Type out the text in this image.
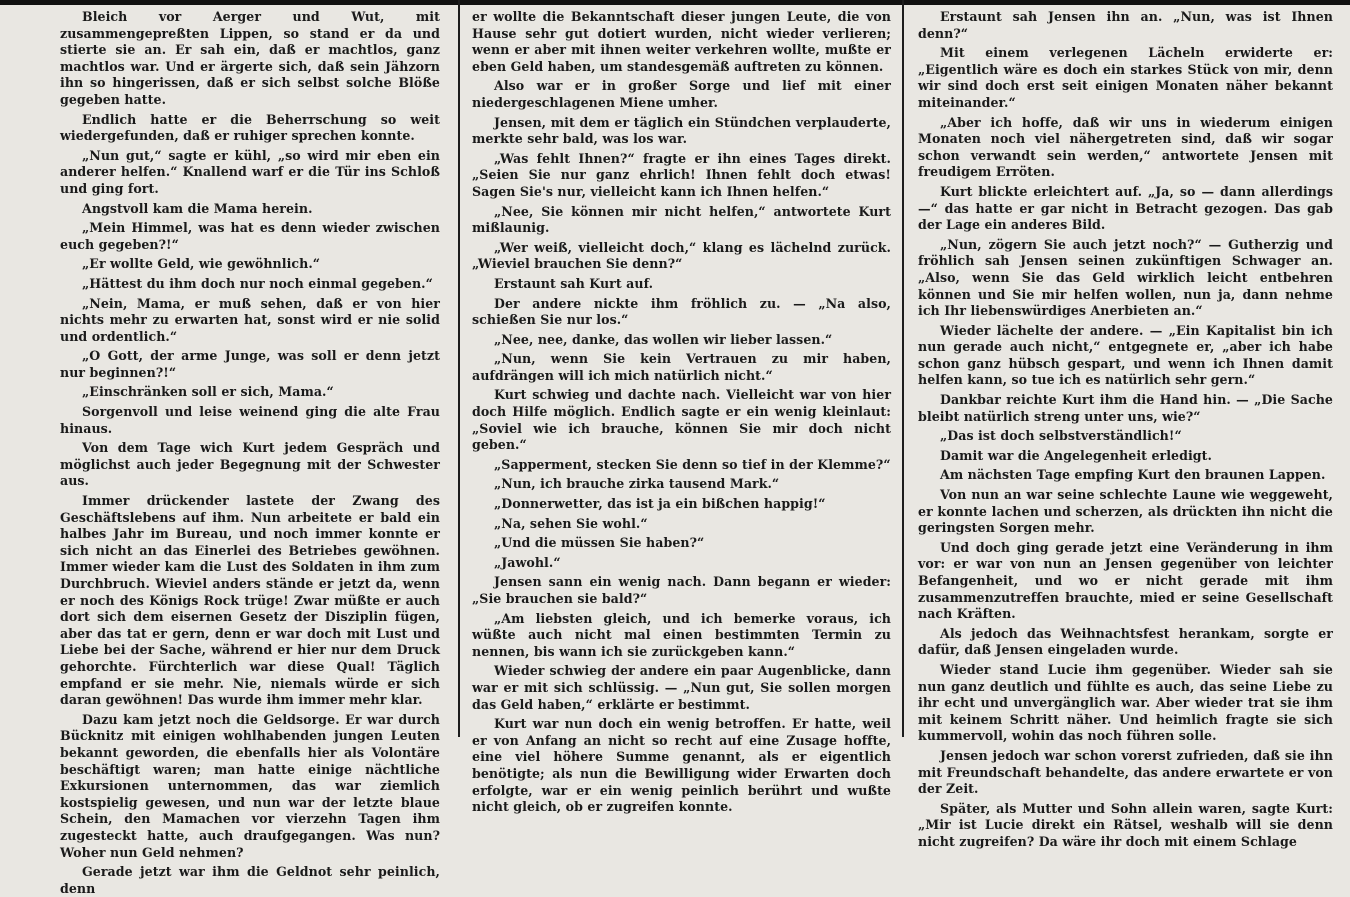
Bleich vor Aerger und Wut, mit zusammengepreßten Lippen, so stand er da und stierte sie an. Er sah ein, daß er machtlos, ganz machtlos war. Und er ärgerte sich, daß sein Jähzorn ihn so hingerissen, daß er sich selbst solche Blöße gegeben hatte.

Endlich hatte er die Beherrschung so weit wiedergefunden, daß er ruhiger sprechen konnte.

„Nun gut,“ sagte er kühl, „so wird mir eben ein anderer helfen.“ Knallend warf er die Tür ins Schloß und ging fort.

Angstvoll kam die Mama herein.

„Mein Himmel, was hat es denn wieder zwischen euch gegeben?!“

„Er wollte Geld, wie gewöhnlich.“

„Hättest du ihm doch nur noch einmal gegeben.“

„Nein, Mama, er muß sehen, daß er von hier nichts mehr zu erwarten hat, sonst wird er nie solid und ordentlich.“

„O Gott, der arme Junge, was soll er denn jetzt nur beginnen?!“

„Einschränken soll er sich, Mama.“

Sorgenvoll und leise weinend ging die alte Frau hinaus.

Von dem Tage wich Kurt jedem Gespräch und möglichst auch jeder Begegnung mit der Schwester aus.

Immer drückender lastete der Zwang des Geschäftslebens auf ihm. Nun arbeitete er bald ein halbes Jahr im Bureau, und noch immer konnte er sich nicht an das Einerlei des Betriebes gewöhnen. Immer wieder kam die Lust des Soldaten in ihm zum Durchbruch. Wieviel anders stände er jetzt da, wenn er noch des Königs Rock trüge! Zwar müßte er auch dort sich dem eisernen Gesetz der Disziplin fügen, aber das tat er gern, denn er war doch mit Lust und Liebe bei der Sache, während er hier nur dem Druck gehorchte. Fürchterlich war diese Qual! Täglich empfand er sie mehr. Nie, niemals würde er sich daran gewöhnen! Das wurde ihm immer mehr klar.

Dazu kam jetzt noch die Geldsorge. Er war durch Bücknitz mit einigen wohlhabenden jungen Leuten bekannt geworden, die ebenfalls hier als Volontäre beschäftigt waren; man hatte einige nächtliche Exkursionen unternommen, das war ziemlich kostspielig gewesen, und nun war der letzte blaue Schein, den Mamachen vor vierzehn Tagen ihm zugesteckt hatte, auch draufgegangen. Was nun? Woher nun Geld nehmen?

Gerade jetzt war ihm die Geldnot sehr peinlich, denn

er wollte die Bekanntschaft dieser jungen Leute, die von Hause sehr gut dotiert wurden, nicht wieder verlieren; wenn er aber mit ihnen weiter verkehren wollte, mußte er eben Geld haben, um standesgemäß auftreten zu können.

Also war er in großer Sorge und lief mit einer niedergeschlagenen Miene umher.

Jensen, mit dem er täglich ein Stündchen verplauderte, merkte sehr bald, was los war.

„Was fehlt Ihnen?“ fragte er ihn eines Tages direkt. „Seien Sie nur ganz ehrlich! Ihnen fehlt doch etwas! Sagen Sie's nur, vielleicht kann ich Ihnen helfen.“

„Nee, Sie können mir nicht helfen,“ antwortete Kurt mißlaunig.

„Wer weiß, vielleicht doch,“ klang es lächelnd zurück. „Wieviel brauchen Sie denn?“

Erstaunt sah Kurt auf.

Der andere nickte ihm fröhlich zu. — „Na also, schießen Sie nur los.“

„Nee, nee, danke, das wollen wir lieber lassen.“

„Nun, wenn Sie kein Vertrauen zu mir haben, aufdrängen will ich mich natürlich nicht.“

Kurt schwieg und dachte nach. Vielleicht war von hier doch Hilfe möglich. Endlich sagte er ein wenig kleinlaut: „Soviel wie ich brauche, können Sie mir doch nicht geben.“

„Sapperment, stecken Sie denn so tief in der Klemme?“

„Nun, ich brauche zirka tausend Mark.“

„Donnerwetter, das ist ja ein bißchen happig!“

„Na, sehen Sie wohl.“

„Und die müssen Sie haben?“

„Jawohl.“

Jensen sann ein wenig nach. Dann begann er wieder: „Sie brauchen sie bald?“

„Am liebsten gleich, und ich bemerke voraus, ich wüßte auch nicht mal einen bestimmten Termin zu nennen, bis wann ich sie zurückgeben kann.“

Wieder schwieg der andere ein paar Augenblicke, dann war er mit sich schlüssig. — „Nun gut, Sie sollen morgen das Geld haben,“ erklärte er bestimmt.

Kurt war nun doch ein wenig betroffen. Er hatte, weil er von Anfang an nicht so recht auf eine Zusage hoffte, eine viel höhere Summe genannt, als er eigentlich benötigte; als nun die Bewilligung wider Erwarten doch erfolgte, war er ein wenig peinlich berührt und wußte nicht gleich, ob er zugreifen konnte.

Erstaunt sah Jensen ihn an. „Nun, was ist Ihnen denn?“

Mit einem verlegenen Lächeln erwiderte er: „Eigentlich wäre es doch ein starkes Stück von mir, denn wir sind doch erst seit einigen Monaten näher bekannt miteinander.“

„Aber ich hoffe, daß wir uns in wiederum einigen Monaten noch viel nähergetreten sind, daß wir sogar schon verwandt sein werden,“ antwortete Jensen mit freudigem Erröten.

Kurt blickte erleichtert auf. „Ja, so — dann allerdings —“ das hatte er gar nicht in Betracht gezogen. Das gab der Lage ein anderes Bild.

„Nun, zögern Sie auch jetzt noch?“ — Gutherzig und fröhlich sah Jensen seinen zukünftigen Schwager an. „Also, wenn Sie das Geld wirklich leicht entbehren können und Sie mir helfen wollen, nun ja, dann nehme ich Ihr liebenswürdiges Anerbieten an.“

Wieder lächelte der andere. — „Ein Kapitalist bin ich nun gerade auch nicht,“ entgegnete er, „aber ich habe schon ganz hübsch gespart, und wenn ich Ihnen damit helfen kann, so tue ich es natürlich sehr gern.“

Dankbar reichte Kurt ihm die Hand hin. — „Die Sache bleibt natürlich streng unter uns, wie?“

„Das ist doch selbstverständlich!“

Damit war die Angelegenheit erledigt.

Am nächsten Tage empfing Kurt den braunen Lappen.

Von nun an war seine schlechte Laune wie weggeweht, er konnte lachen und scherzen, als drückten ihn nicht die geringsten Sorgen mehr.

Und doch ging gerade jetzt eine Veränderung in ihm vor: er war von nun an Jensen gegenüber von leichter Befangenheit, und wo er nicht gerade mit ihm zusammenzutreffen brauchte, mied er seine Gesellschaft nach Kräften.

Als jedoch das Weihnachtsfest herankam, sorgte er dafür, daß Jensen eingeladen wurde.

Wieder stand Lucie ihm gegenüber. Wieder sah sie nun ganz deutlich und fühlte es auch, das seine Liebe zu ihr echt und unvergänglich war. Aber wieder trat sie ihm mit keinem Schritt näher. Und heimlich fragte sie sich kummervoll, wohin das noch führen solle.

Jensen jedoch war schon vorerst zufrieden, daß sie ihn mit Freundschaft behandelte, das andere erwartete er von der Zeit.

Später, als Mutter und Sohn allein waren, sagte Kurt: „Mir ist Lucie direkt ein Rätsel, weshalb will sie denn nicht zugreifen? Da wäre ihr doch mit einem Schlage
